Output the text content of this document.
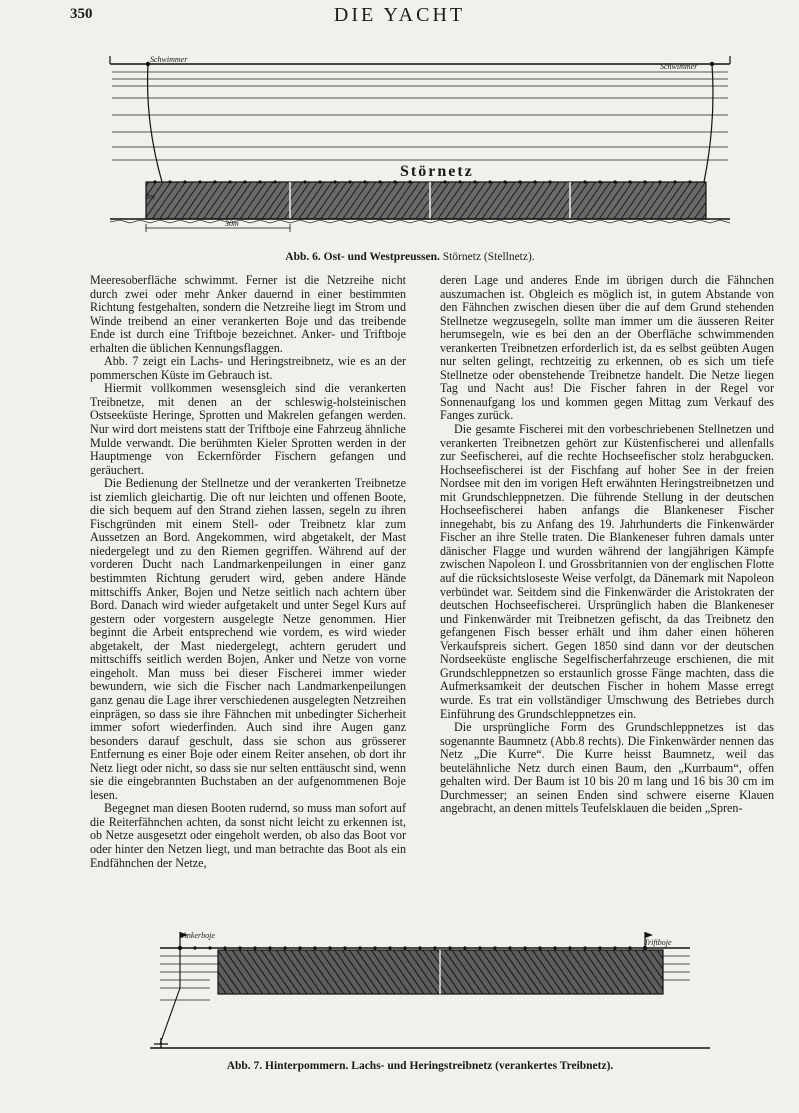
350	DIE YACHT
Schwimmer
Schwimmer
Störnetz
8m
30m
Abb. 6. Ost- und Westpreussen. Störnetz (Stellnetz).

Meeresoberfläche schwimmt. Ferner ist die Netzreihe nicht durch zwei oder mehr Anker dauernd in einer bestimmten Richtung festgehalten, sondern die Netzreihe liegt im Strom und Winde treibend an einer verankerten Boje und das treibende Ende ist durch eine Triftboje bezeichnet. Anker- und Triftboje erhalten die üblichen Kennungsflaggen.

Abb. 7 zeigt ein Lachs- und Heringstreibnetz, wie es an der pommerschen Küste im Gebrauch ist.

Hiermit vollkommen wesensgleich sind die verankerten Treibnetze, mit denen an der schleswig-holsteinischen Ostseeküste Heringe, Sprotten und Makrelen gefangen werden. Nur wird dort meistens statt der Triftboje eine Fahrzeug ähnliche Mulde verwandt. Die berühmten Kieler Sprotten werden in der Hauptmenge von Eckernförder Fischern gefangen und geräuchert.

Die Bedienung der Stellnetze und der verankerten Treibnetze ist ziemlich gleichartig. Die oft nur leichten und offenen Boote, die sich bequem auf den Strand ziehen lassen, segeln zu ihren Fischgründen mit einem Stell- oder Treibnetz klar zum Aussetzen an Bord. Angekommen, wird abgetakelt, der Mast niedergelegt und zu den Riemen gegriffen. Während auf der vorderen Ducht nach Landmarkenpeilungen in einer ganz bestimmten Richtung gerudert wird, geben andere Hände mittschiffs Anker, Bojen und Netze seitlich nach achtern über Bord. Danach wird wieder aufgetakelt und unter Segel Kurs auf gestern oder vorgestern ausgelegte Netze genommen. Hier beginnt die Arbeit entsprechend wie vordem, es wird wieder abgetakelt, der Mast niedergelegt, achtern gerudert und mittschiffs seitlich werden Bojen, Anker und Netze von vorne eingeholt. Man muss bei dieser Fischerei immer wieder bewundern, wie sich die Fischer nach Landmarkenpeilungen ganz genau die Lage ihrer verschiedenen ausgelegten Netzreihen einprägen, so dass sie ihre Fähnchen mit unbedingter Sicherheit immer sofort wiederfinden. Auch sind ihre Augen ganz besonders darauf geschult, dass sie schon aus grösserer Entfernung es einer Boje oder einem Reiter ansehen, ob dort ihr Netz liegt oder nicht, so dass sie nur selten enttäuscht sind, wenn sie die eingebrannten Buchstaben an der aufgenommenen Boje lesen.

Begegnet man diesen Booten rudernd, so muss man sofort auf die Reiterfähnchen achten, da sonst nicht leicht zu erkennen ist, ob Netze ausgesetzt oder eingeholt werden, ob also das Boot vor oder hinter den Netzen liegt, und man betrachte das Boot als ein Endfähnchen der Netze,

deren Lage und anderes Ende im übrigen durch die Fähnchen auszumachen ist. Obgleich es möglich ist, in gutem Abstande von den Fähnchen zwischen diesen über die auf dem Grund stehenden Stellnetze wegzusegeln, sollte man immer um die äusseren Reiter herumsegeln, wie es bei den an der Oberfläche schwimmenden verankerten Treibnetzen erforderlich ist, da es selbst geübten Augen nur selten gelingt, rechtzeitig zu erkennen, ob es sich um tiefe Stellnetze oder obenstehende Treibnetze handelt. Die Netze liegen Tag und Nacht aus! Die Fischer fahren in der Regel vor Sonnenaufgang los und kommen gegen Mittag zum Verkauf des Fanges zurück.

Die gesamte Fischerei mit den vorbeschriebenen Stellnetzen und verankerten Treibnetzen gehört zur Küstenfischerei und allenfalls zur Seefischerei, auf die rechte Hochseefischer stolz herabgucken. Hochseefischerei ist der Fischfang auf hoher See in der freien Nordsee mit den im vorigen Heft erwähnten Heringstreibnetzen und mit Grundschleppnetzen. Die führende Stellung in der deutschen Hochseefischerei haben anfangs die Blankeneser Fischer innegehabt, bis zu Anfang des 19. Jahrhunderts die Finkenwärder Fischer an ihre Stelle traten. Die Blankeneser fuhren damals unter dänischer Flagge und wurden während der langjährigen Kämpfe zwischen Napoleon I. und Grossbritannien von der englischen Flotte auf die rücksichtsloseste Weise verfolgt, da Dänemark mit Napoleon verbündet war. Seitdem sind die Finkenwärder die Aristokraten der deutschen Hochseefischerei. Ursprünglich haben die Blankeneser und Finkenwärder mit Treibnetzen gefischt, da das Treibnetz den gefangenen Fisch besser erhält und ihm daher einen höheren Verkaufspreis sichert. Gegen 1850 sind dann vor der deutschen Nordseeküste englische Segelfischerfahrzeuge erschienen, die mit Grundschleppnetzen so erstaunlich grosse Fänge machten, dass die Aufmerksamkeit der deutschen Fischer in hohem Masse erregt wurde. Es trat ein vollständiger Umschwung des Betriebes durch Einführung des Grundschleppnetzes ein.

Die ursprüngliche Form des Grundschleppnetzes ist das sogenannte Baumnetz (Abb.8 rechts). Die Finkenwärder nennen das Netz „Die Kurre“. Die Kurre heisst Baumnetz, weil das beutelähnliche Netz durch einen Baum, den „Kurrbaum“, offen gehalten wird. Der Baum ist 10 bis 20 m lang und 16 bis 30 cm im Durchmesser; an seinen Enden sind schwere eiserne Klauen angebracht, an denen mittels Teufelsklauen die beiden „Spren-

Ankerboje
Triftboje
Abb. 7. Hinterpommern. Lachs- und Heringstreibnetz (verankertes Treibnetz).
